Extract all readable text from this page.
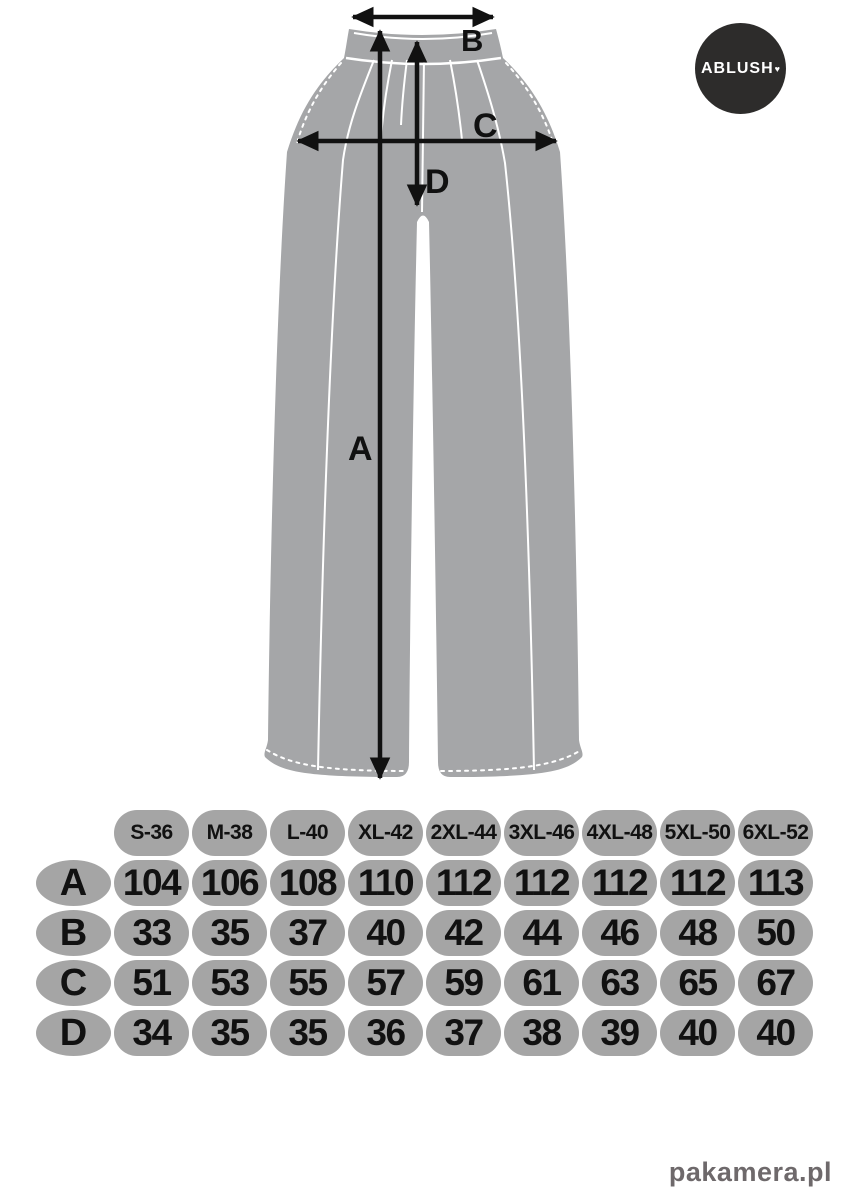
B
C
D
A
ABLUSH ♥
S-36	M-38	L-40	XL-42 2XL-44 3XL-46 4XL-48 5XL-50 6XL-52
A 104 106 108 110 112 112 112 112 113
B	33	35	37	40	42	44	46	48	50
C	51	53	55	57	59	61	63	65	67
D	34	35	35	36	37	38	39	40	40
pakamera.pl
